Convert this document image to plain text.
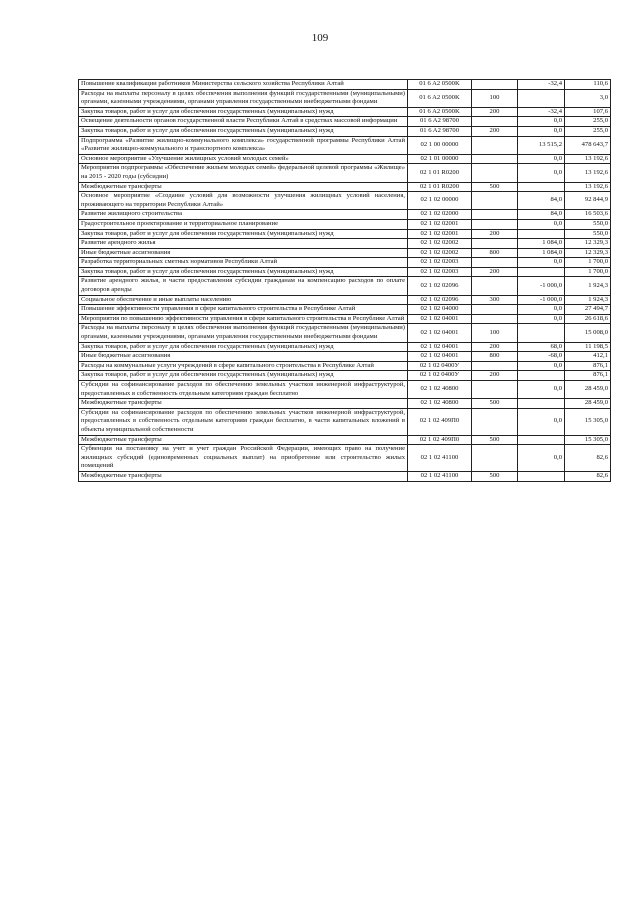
109
Повышение квалификации работников Министерства сельского хозяйства Республики Алтай	01 6 A2 0500K		-32,4	110,6
Расходы на выплаты персоналу в целях обеспечения выполнения функций государственными (муниципальными) органами, казенными учреждениями, органами управления государственными внебюджетными фондами	01 6 A2 0500K	100		3,0
Закупка товаров, работ и услуг для обеспечения государственных (муниципальных) нужд	01 6 A2 0500K	200	-32,4	107,6
Освещение деятельности органов государственной власти Республики Алтай в средствах массовой информации	01 6 A2 98700		0,0	255,0
Закупка товаров, работ и услуг для обеспечения государственных (муниципальных) нужд	01 6 A2 98700	200	0,0	255,0
Подпрограмма «Развитие жилищно-коммунального комплекса» государственной программы Республики Алтай «Развитие жилищно-коммунального и транспортного комплекса»	02 1 00 00000		13 515,2	478 643,7
Основное мероприятие «Улучшение жилищных условий молодых семей»	02 1 01 00000		0,0	13 192,6
Мероприятия подпрограммы «Обеспечение жильем молодых семей» федеральной целевой программы «Жилище» на 2015 - 2020 годы (субсидии)	02 1 01 R0200		0,0	13 192,6
Межбюджетные трансферты	02 1 01 R0200	500		13 192,6
Основное мероприятие «Создание условий для возможности улучшения жилищных условий населения, проживающего на территории Республики Алтай»	02 1 02 00000		84,0	92 844,9
Развитие жилищного строительства	02 1 02 02000		84,0	16 503,6
Градостроительное проектирование и территориальное планирование	02 1 02 02001		0,0	550,0
Закупка товаров, работ и услуг для обеспечения государственных (муниципальных) нужд	02 1 02 02001	200		550,0
Развитие арендного жилья	02 1 02 02002		1 084,0	12 329,3
Иные бюджетные ассигнования	02 1 02 02002	800	1 084,0	12 329,3
Разработка территориальных сметных нормативов Республики Алтай	02 1 02 02003		0,0	1 700,0
Закупка товаров, работ и услуг для обеспечения государственных (муниципальных) нужд	02 1 02 02003	200		1 700,0
Развитие арендного жилья, в части предоставления субсидии гражданам на компенсацию расходов по оплате договоров аренды	02 1 02 02096		-1 000,0	1 924,3
Социальное обеспечение и иные выплаты населению	02 1 02 02096	300	-1 000,0	1 924,3
Повышение эффективности управления в сфере капитального строительства в Республике Алтай	02 1 02 04000		0,0	27 494,7
Мероприятия по повышению эффективности управления в сфере капитального строительства в Республике Алтай	02 1 02 04001		0,0	26 618,6
Расходы на выплаты персоналу в целях обеспечения выполнения функций государственными (муниципальными) органами, казенными учреждениями, органами управления государственными внебюджетными фондами	02 1 02 04001	100		15 008,0
Закупка товаров, работ и услуг для обеспечения государственных (муниципальных) нужд	02 1 02 04001	200	68,0	11 198,5
Иные бюджетные ассигнования	02 1 02 04001	800	-68,0	412,1
Расходы на коммунальные услуги учреждений в сфере капитального строительства в Республике Алтай	02 1 02 0400У		0,0	876,1
Закупка товаров, работ и услуг для обеспечения государственных (муниципальных) нужд	02 1 02 0400У	200		876,1
Субсидии на софинансирование расходов по обеспечению земельных участков инженерной инфраструктурой, предоставленных в собственность отдельным категориям граждан бесплатно	02 1 02 40800		0,0	28 459,0
Межбюджетные трансферты	02 1 02 40800	500		28 459,0
Субсидии на софинансирование расходов по обеспечению земельных участков инженерной инфраструктурой, предоставленных в собственность отдельным категориям граждан бесплатно, в части капитальных вложений в объекты муниципальной собственности	02 1 02 409П0		0,0	15 305,0
Межбюджетные трансферты	02 1 02 409П0	500		15 305,0
Субвенции на постановку на учет и учет граждан Российской Федерации, имеющих право на получение жилищных субсидий (единовременных социальных выплат) на приобретение или строительство жилых помещений	02 1 02 41100		0,0	82,6
Межбюджетные трансферты	02 1 02 41100	500		82,6
